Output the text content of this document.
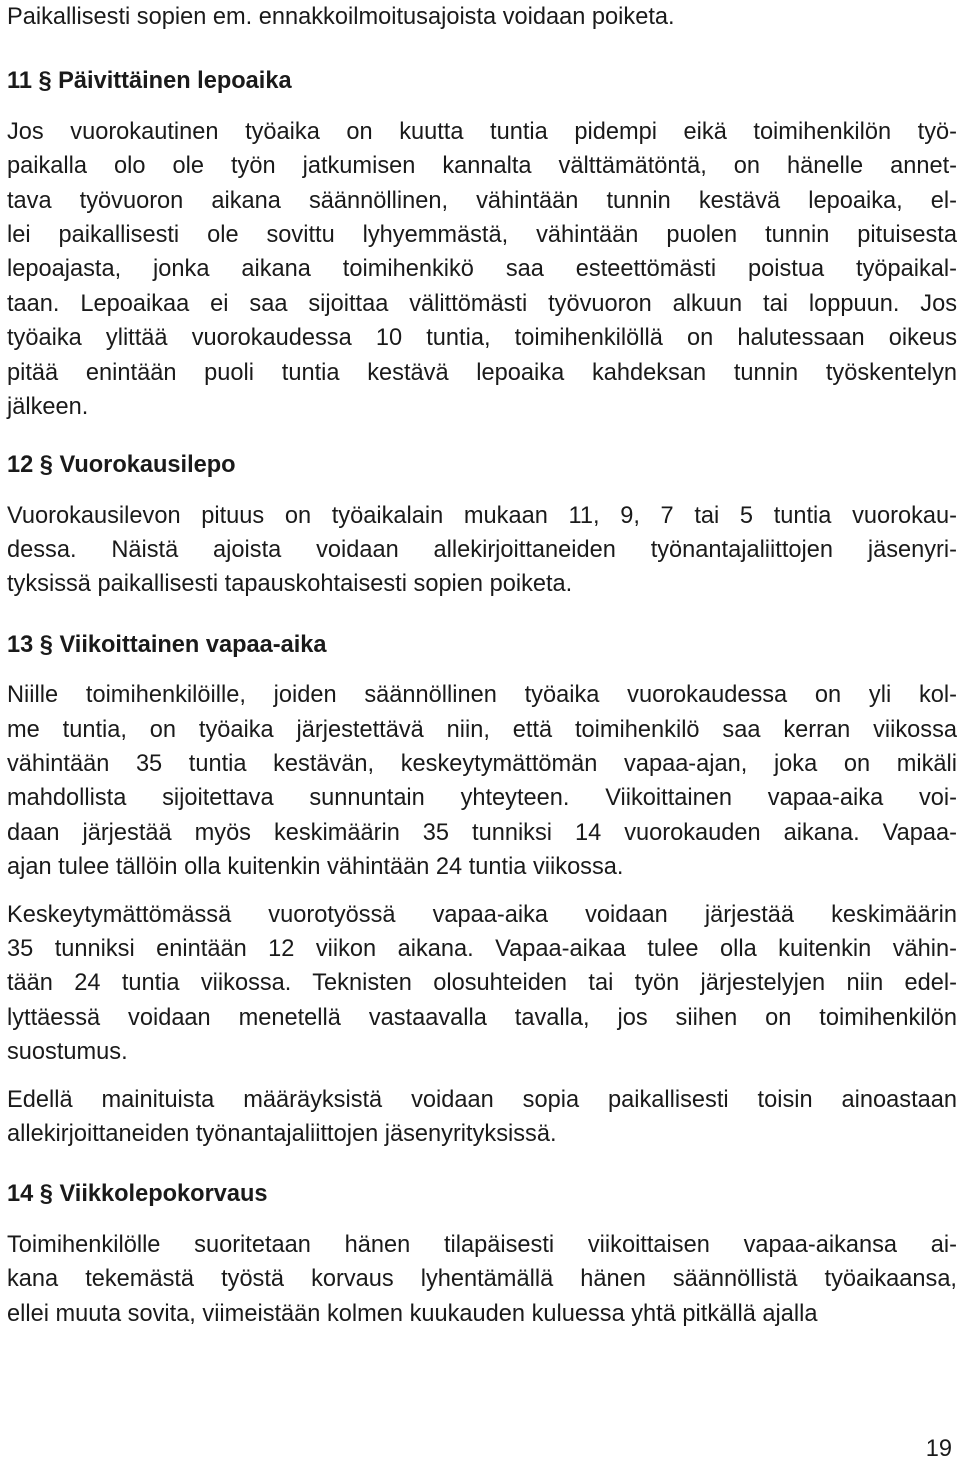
Paikallisesti sopien em. ennakkoilmoitusajoista voidaan poiketa.
11 § Päivittäinen lepoaika
Jos vuorokautinen työaika on kuutta tuntia pidempi eikä toimihenkilön työ-
paikalla olo ole työn jatkumisen kannalta välttämätöntä, on hänelle annet-
tava työvuoron aikana säännöllinen, vähintään tunnin kestävä lepoaika, el-
lei paikallisesti ole sovittu lyhyemmästä, vähintään puolen tunnin pituisesta
lepoajasta, jonka aikana toimihenkikö saa esteettömästi poistua työpaikal-
taan. Lepoaikaa ei saa sijoittaa välittömästi työvuoron alkuun tai loppuun. Jos
työaika ylittää vuorokaudessa 10 tuntia, toimihenkilöllä on halutessaan oikeus
pitää enintään puoli tuntia kestävä lepoaika kahdeksan tunnin työskentelyn
jälkeen.
12 § Vuorokausilepo
Vuorokausilevon pituus on työaikalain mukaan 11, 9, 7 tai 5 tuntia vuorokau-
dessa. Näistä ajoista voidaan allekirjoittaneiden työnantajaliittojen jäsenyri-
tyksissä paikallisesti tapauskohtaisesti sopien poiketa.
13 § Viikoittainen vapaa-aika
Niille toimihenkilöille, joiden säännöllinen työaika vuorokaudessa on yli kol-
me tuntia, on työaika järjestettävä niin, että toimihenkilö saa kerran viikossa
vähintään 35 tuntia kestävän, keskeytymättömän vapaa-ajan, joka on mikäli
mahdollista sijoitettava sunnuntain yhteyteen. Viikoittainen vapaa-aika voi-
daan järjestää myös keskimäärin 35 tunniksi 14 vuorokauden aikana. Vapaa-
ajan tulee tällöin olla kuitenkin vähintään 24 tuntia viikossa.
Keskeytymättömässä vuorotyössä vapaa-aika voidaan järjestää keskimäärin
35 tunniksi enintään 12 viikon aikana. Vapaa-aikaa tulee olla kuitenkin vähin-
tään 24 tuntia viikossa. Teknisten olosuhteiden tai työn järjestelyjen niin edel-
lyttäessä voidaan menetellä vastaavalla tavalla, jos siihen on toimihenkilön
suostumus.
Edellä mainituista määräyksistä voidaan sopia paikallisesti toisin ainoastaan
allekirjoittaneiden työnantajaliittojen jäsenyrityksissä.
14 § Viikkolepokorvaus
Toimihenkilölle suoritetaan hänen tilapäisesti viikoittaisen vapaa-aikansa ai-
kana tekemästä työstä korvaus lyhentämällä hänen säännöllistä työaikaansa,
ellei muuta sovita, viimeistään kolmen kuukauden kuluessa yhtä pitkällä ajalla
19
